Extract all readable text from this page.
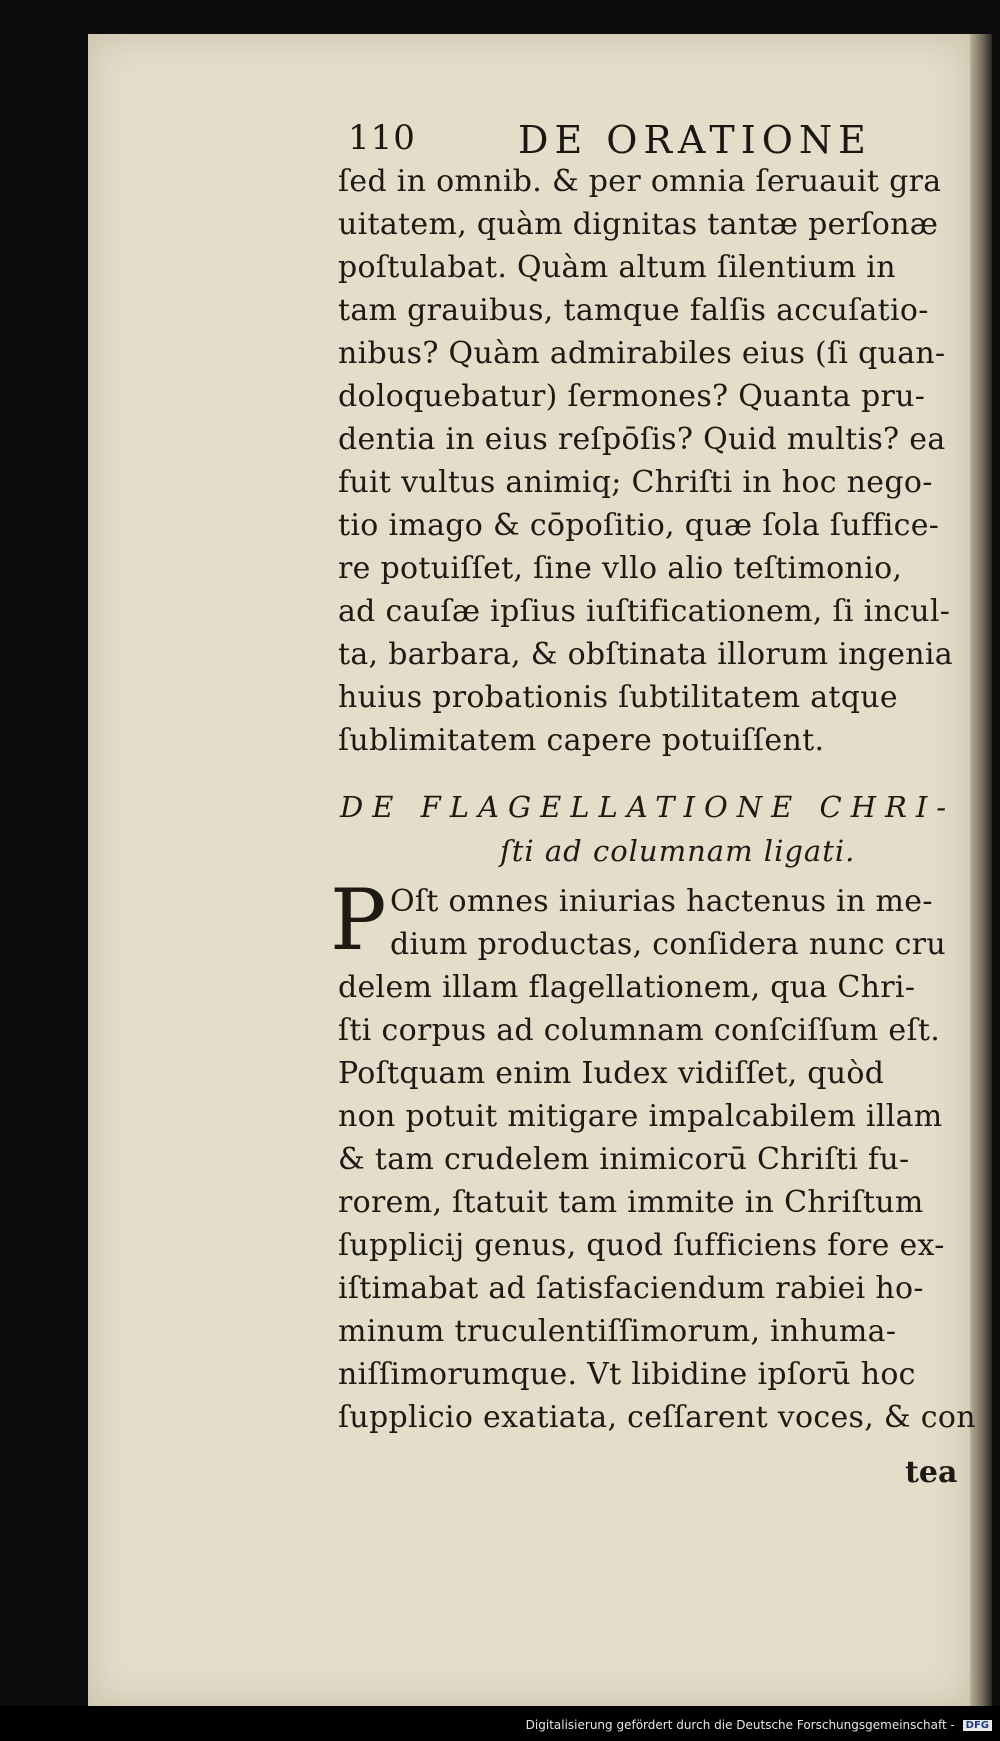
110	DE ORATIONE
ſed in omnib. & per omnia ſeruauit gra
uitatem, quàm dignitas tantæ perſonæ
poſtulabat. Quàm altum ſilentium in
tam grauibus, tamque falſis accuſatio-
nibus? Quàm admirabiles eius (ſi quan-
doloquebatur) ſermones? Quanta pru-
dentia in eius reſpōſis? Quid multis? ea
fuit vultus animiq; Chriſti in hoc nego-
tio imago & cōpoſitio, quæ ſola ſuffice-
re potuiſſet, ſine vllo alio teſtimonio,
ad cauſæ ipſius iuſtificationem, ſi incul-
ta, barbara, & obſtinata illorum ingenia
huius probationis ſubtilitatem atque
ſublimitatem capere potuiſſent.
DE FLAGELLATIONE CHRI-
ſti ad columnam ligati.
P Oſt omnes iniurias hactenus in me-
dium productas, conſidera nunc cru
delem illam flagellationem, qua Chri-
ſti corpus ad columnam conſciſſum eſt.
Poſtquam enim Iudex vidiſſet, quòd
non potuit mitigare impalcabilem illam
& tam crudelem inimicorū Chriſti fu-
rorem, ſtatuit tam immite in Chriſtum
ſupplicij genus, quod ſufficiens fore ex-
iſtimabat ad ſatisfaciendum rabiei ho-
minum truculentiſſimorum, inhuma-
niſſimorumque. Vt libidine ipſorū hoc
ſupplicio exatiata, ceſſarent voces, & con
tea
Digitalisierung gefördert durch die Deutsche Forschungsgemeinschaft - DFG
